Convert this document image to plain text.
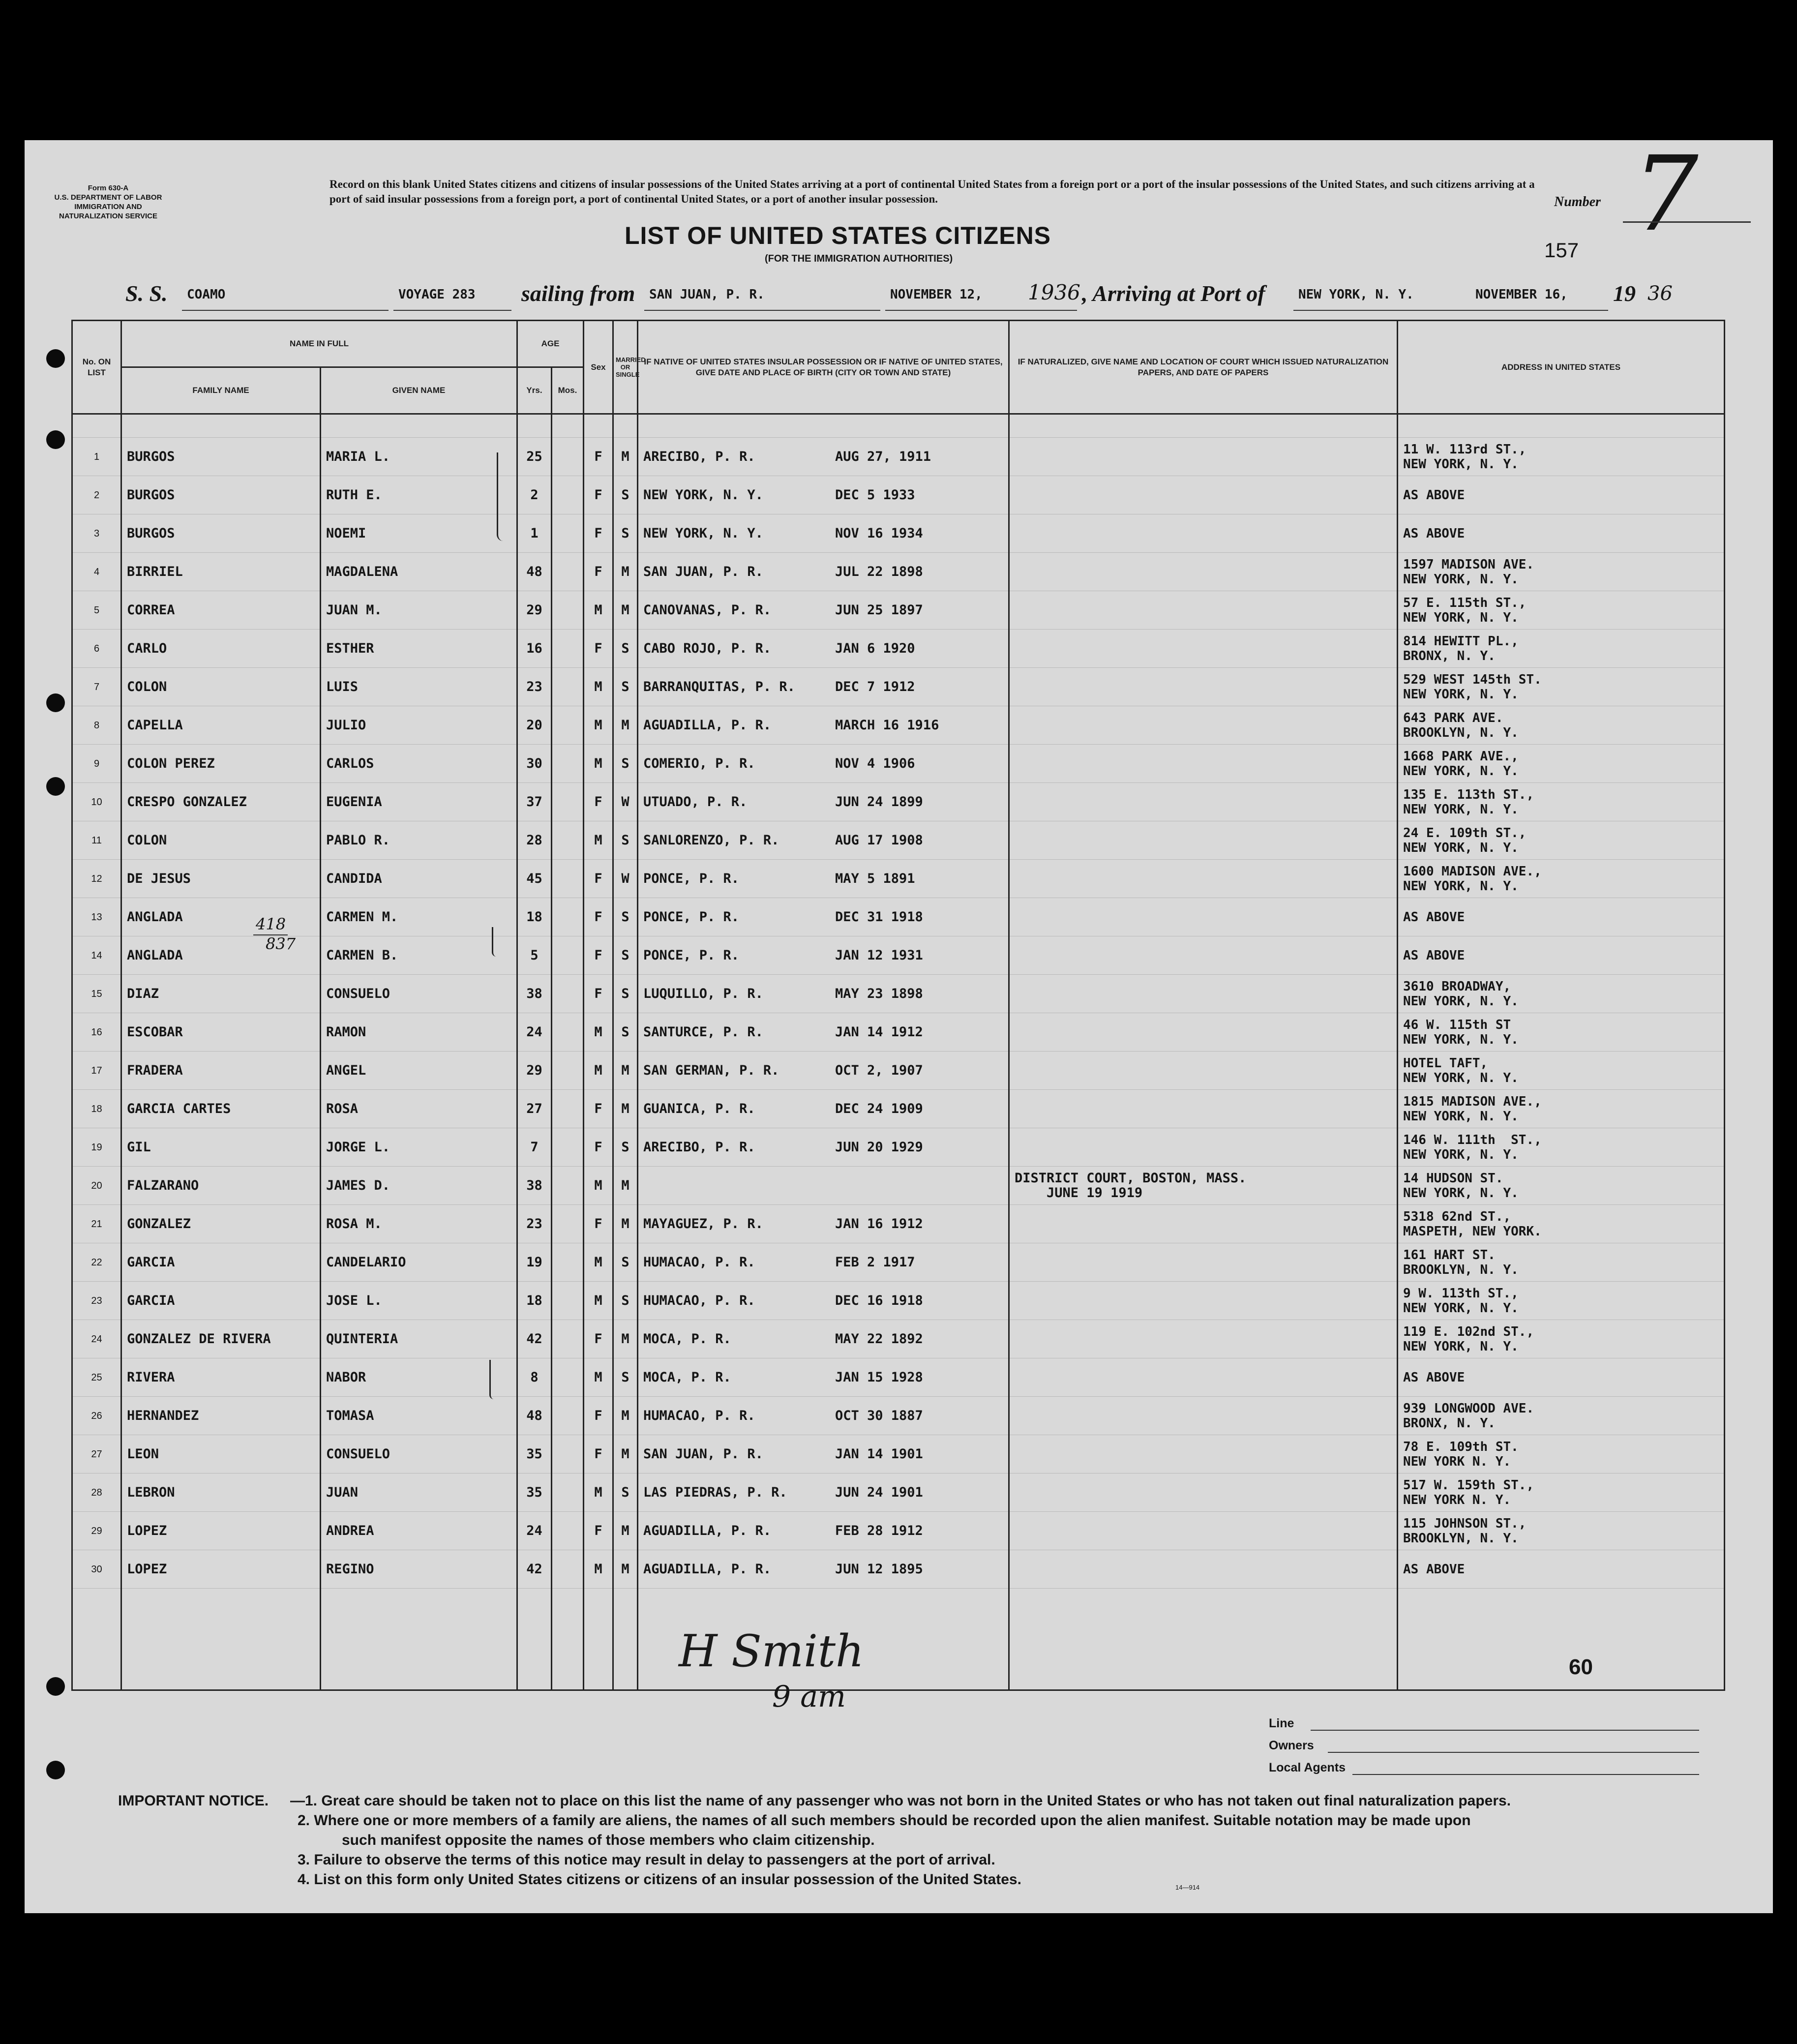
Form 630-A
U.S. DEPARTMENT OF LABOR
IMMIGRATION AND
NATURALIZATION SERVICE
Record on this blank United States citizens and citizens of insular possessions of the United States arriving at a port of continental United States from a foreign port or a port of the insular possessions of the United States, and such citizens arriving at a port of said insular possessions from a foreign port, a port of continental United States, or a port of another insular possession.	Number 7
LIST OF UNITED STATES CITIZENS
(FOR THE IMMIGRATION AUTHORITIES)	157
S. S. COAMO	VOYAGE 283 sailing from SAN JUAN, P. R.	NOVEMBER 12, 1936 , Arriving at Port of	NEW YORK, N. Y.	NOVEMBER 16, 19 36
No. ON LIST	NAME IN FULL		AGE		Sex	MARRIED OR SINGLE	IF NATIVE OF UNITED STATES INSULAR POSSESSION OR IF NATIVE OF UNITED STATES, GIVE DATE AND PLACE OF BIRTH (CITY OR TOWN AND STATE)	IF NATURALIZED, GIVE NAME AND LOCATION OF COURT WHICH ISSUED NATURALIZATION PAPERS, AND DATE OF PAPERS	ADDRESS IN UNITED STATES
	FAMILY NAME	GIVEN NAME	Yrs.	Mos.					

1	BURGOS	MARIA L.	25		F	M	ARECIBO, P. R. AUG 27, 1911		11 W. 113rd ST.,
NEW YORK, N. Y.
2	BURGOS	RUTH E.	2		F	S	NEW YORK, N. Y. DEC 5 1933		AS ABOVE
3	BURGOS	NOEMI	1		F	S	NEW YORK, N. Y. NOV 16 1934		AS ABOVE
4	BIRRIEL	MAGDALENA	48		F	M	SAN JUAN, P. R. JUL 22 1898		1597 MADISON AVE.
NEW YORK, N. Y.
5	CORREA	JUAN M.	29		M	M	CANOVANAS, P. R. JUN 25 1897		57 E. 115th ST.,
NEW YORK, N. Y.
6	CARLO	ESTHER	16		F	S	CABO ROJO, P. R. JAN 6 1920		814 HEWITT PL.,
BRONX, N. Y.
7	COLON	LUIS	23		M	S	BARRANQUITAS, P. R. DEC 7 1912		529 WEST 145th ST.
NEW YORK, N. Y.
8	CAPELLA	JULIO	20		M	M	AGUADILLA, P. R. MARCH 16 1916		643 PARK AVE.
BROOKLYN, N. Y.
9	COLON PEREZ	CARLOS	30		M	S	COMERIO, P. R. NOV 4 1906		1668 PARK AVE.,
NEW YORK, N. Y.
10	CRESPO GONZALEZ	EUGENIA	37		F	W	UTUADO, P. R. JUN 24 1899		135 E. 113th ST.,
NEW YORK, N. Y.
11	COLON	PABLO R.	28		M	S	SANLORENZO, P. R. AUG 17 1908		24 E. 109th ST.,
NEW YORK, N. Y.
12	DE JESUS	CANDIDA	45		F	W	PONCE, P. R. MAY 5 1891		1600 MADISON AVE.,
NEW YORK, N. Y.
13	ANGLADA	CARMEN M.	18		F	S	PONCE, P. R. DEC 31 1918		AS ABOVE
14	ANGLADA	CARMEN B.	5		F	S	PONCE, P. R. JAN 12 1931		AS ABOVE
15	DIAZ	CONSUELO	38		F	S	LUQUILLO, P. R. MAY 23 1898		3610 BROADWAY,
NEW YORK, N. Y.
16	ESCOBAR	RAMON	24		M	S	SANTURCE, P. R. JAN 14 1912		46 W. 115th ST
NEW YORK, N. Y.
17	FRADERA	ANGEL	29		M	M	SAN GERMAN, P. R. OCT 2, 1907		HOTEL TAFT,
NEW YORK, N. Y.
18	GARCIA CARTES	ROSA	27		F	M	GUANICA, P. R. DEC 24 1909		1815 MADISON AVE.,
NEW YORK, N. Y.
19	GIL	JORGE L.	7		F	S	ARECIBO, P. R. JUN 20 1929		146 W. 111th  ST.,
NEW YORK, N. Y.
20	FALZARANO	JAMES D.	38		M	M		DISTRICT COURT, BOSTON, MASS.
JUNE 19 1919	14 HUDSON ST.
NEW YORK, N. Y.
21	GONZALEZ	ROSA M.	23		F	M	MAYAGUEZ, P. R. JAN 16 1912		5318 62nd ST.,
MASPETH, NEW YORK.
22	GARCIA	CANDELARIO	19		M	S	HUMACAO, P. R. FEB 2 1917		161 HART ST.
BROOKLYN, N. Y.
23	GARCIA	JOSE L.	18		M	S	HUMACAO, P. R. DEC 16 1918		9 W. 113th ST.,
NEW YORK, N. Y.
24	GONZALEZ DE RIVERA	QUINTERIA	42		F	M	MOCA, P. R. MAY 22 1892		119 E. 102nd ST.,
NEW YORK, N. Y.
25	RIVERA	NABOR	8		M	S	MOCA, P. R. JAN 15 1928		AS ABOVE
26	HERNANDEZ	TOMASA	48		F	M	HUMACAO, P. R. OCT 30 1887		939 LONGWOOD AVE.
BRONX, N. Y.
27	LEON	CONSUELO	35		F	M	SAN JUAN, P. R. JAN 14 1901		78 E. 109th ST.
NEW YORK N. Y.
28	LEBRON	JUAN	35		M	S	LAS PIEDRAS, P. R. JUN 24 1901		517 W. 159th ST.,
NEW YORK N. Y.
29	LOPEZ	ANDREA	24		F	M	AGUADILLA, P. R. FEB 28 1912		115 JOHNSON ST.,
BROOKLYN, N. Y.
30	LOPEZ	REGINO	42		M	M	AGUADILLA, P. R. JUN 12 1895		AS ABOVE

418
837
H Smith
9 am
60
Line
Owners
Local Agents
IMPORTANT NOTICE. —1. Great care should be taken not to place on this list the name of any passenger who was not born in the United States or who has not taken out final naturalization papers.
2. Where one or more members of a family are aliens, the names of all such members should be recorded upon the alien manifest. Suitable notation may be made upon
such manifest opposite the names of those members who claim citizenship.
3. Failure to observe the terms of this notice may result in delay to passengers at the port of arrival.
4. List on this form only United States citizens or citizens of an insular possession of the United States.	14—914
